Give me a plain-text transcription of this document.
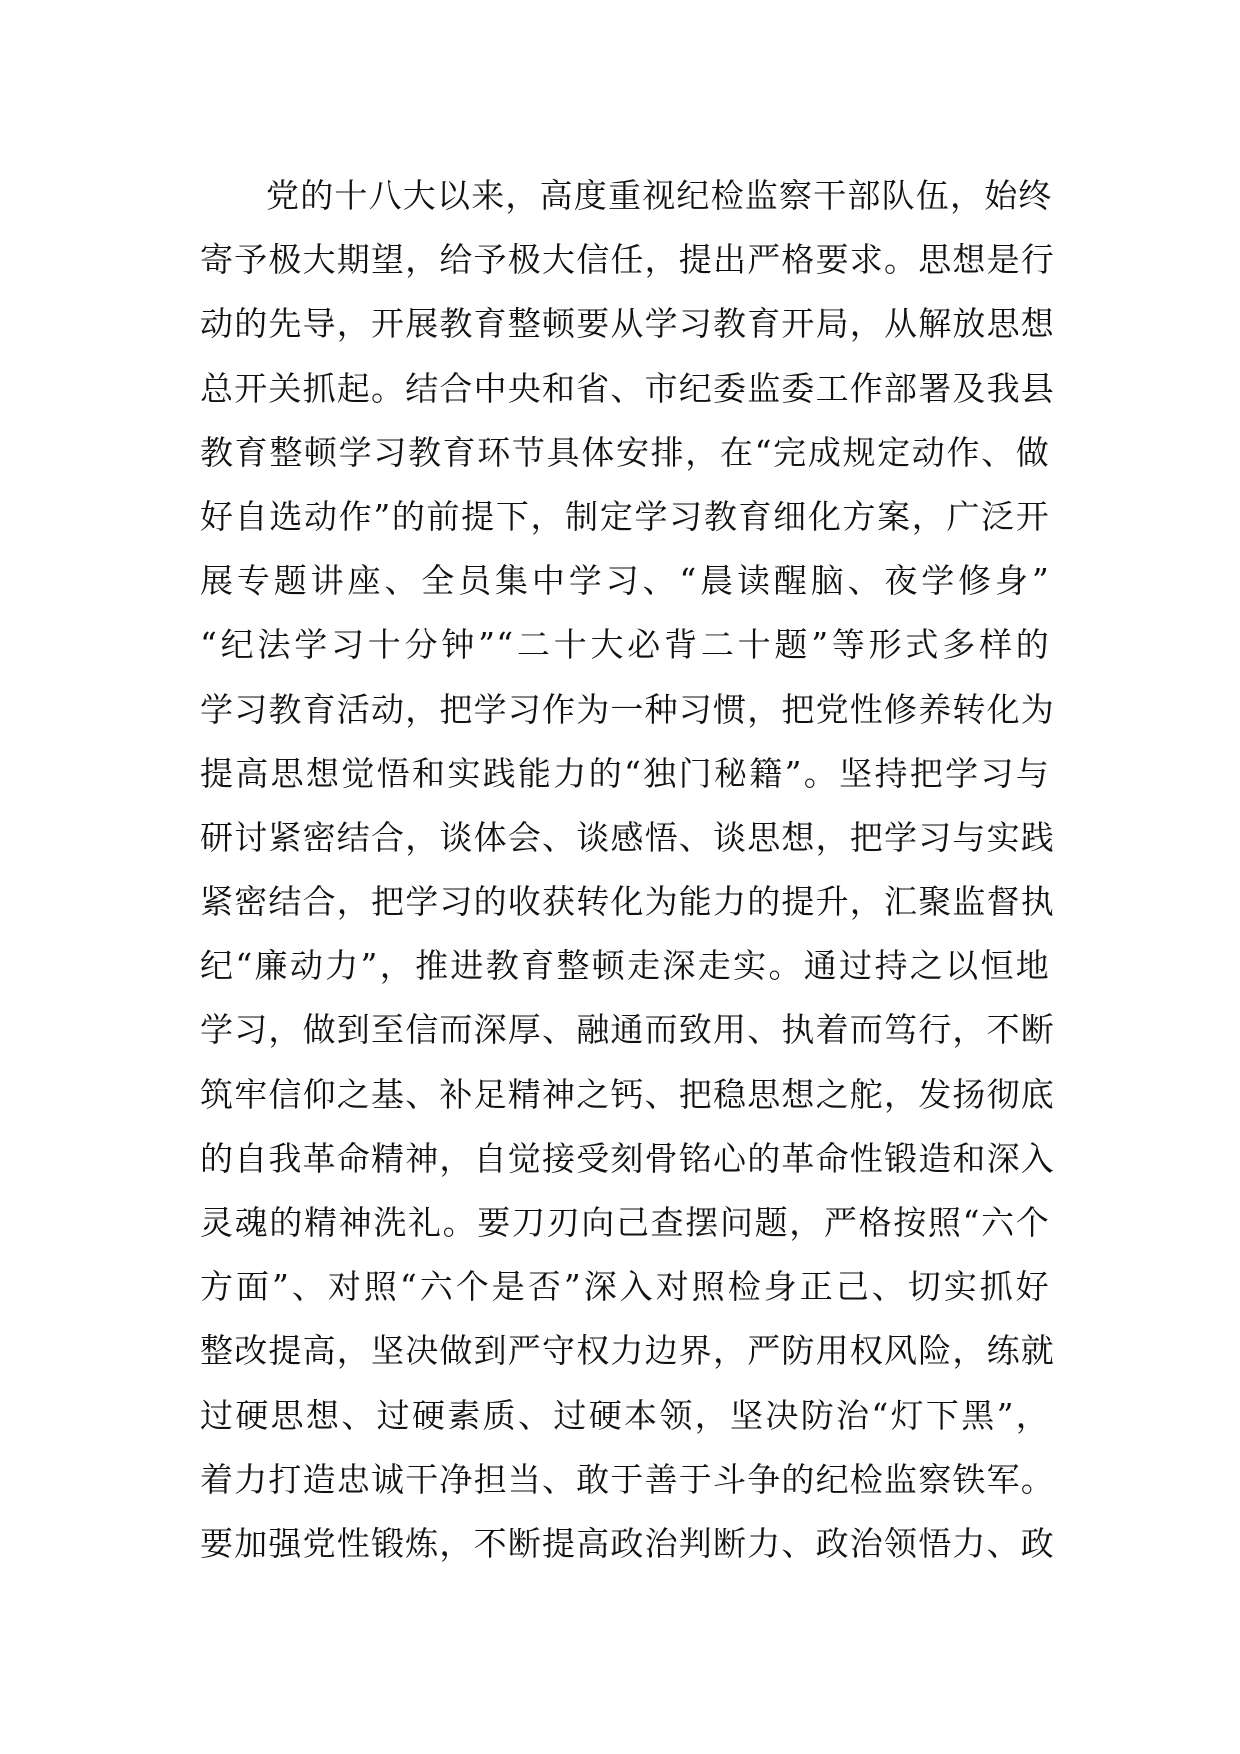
党的十八大以来，高度重视纪检监察干部队伍，始终
寄予极大期望，给予极大信任，提出严格要求。思想是行
动的先导，开展教育整顿要从学习教育开局，从解放思想
总开关抓起。结合中央和省、市纪委监委工作部署及我县
教育整顿学习教育环节具体安排，在“完成规定动作、做
好自选动作”的前提下，制定学习教育细化方案，广泛开
展专题讲座、全员集中学习、“晨读醒脑、夜学修身”
“纪法学习十分钟”“二十大必背二十题”等形式多样的
学习教育活动，把学习作为一种习惯，把党性修养转化为
提高思想觉悟和实践能力的“独门秘籍”。坚持把学习与
研讨紧密结合，谈体会、谈感悟、谈思想，把学习与实践
紧密结合，把学习的收获转化为能力的提升，汇聚监督执
纪“廉动力”，推进教育整顿走深走实。通过持之以恒地
学习，做到至信而深厚、融通而致用、执着而笃行，不断
筑牢信仰之基、补足精神之钙、把稳思想之舵，发扬彻底
的自我革命精神，自觉接受刻骨铭心的革命性锻造和深入
灵魂的精神洗礼。要刀刃向己查摆问题，严格按照“六个
方面”、对照“六个是否”深入对照检身正己、切实抓好
整改提高，坚决做到严守权力边界，严防用权风险，练就
过硬思想、过硬素质、过硬本领，坚决防治“灯下黑”，
着力打造忠诚干净担当、敢于善于斗争的纪检监察铁军。
要加强党性锻炼，不断提高政治判断力、政治领悟力、政
